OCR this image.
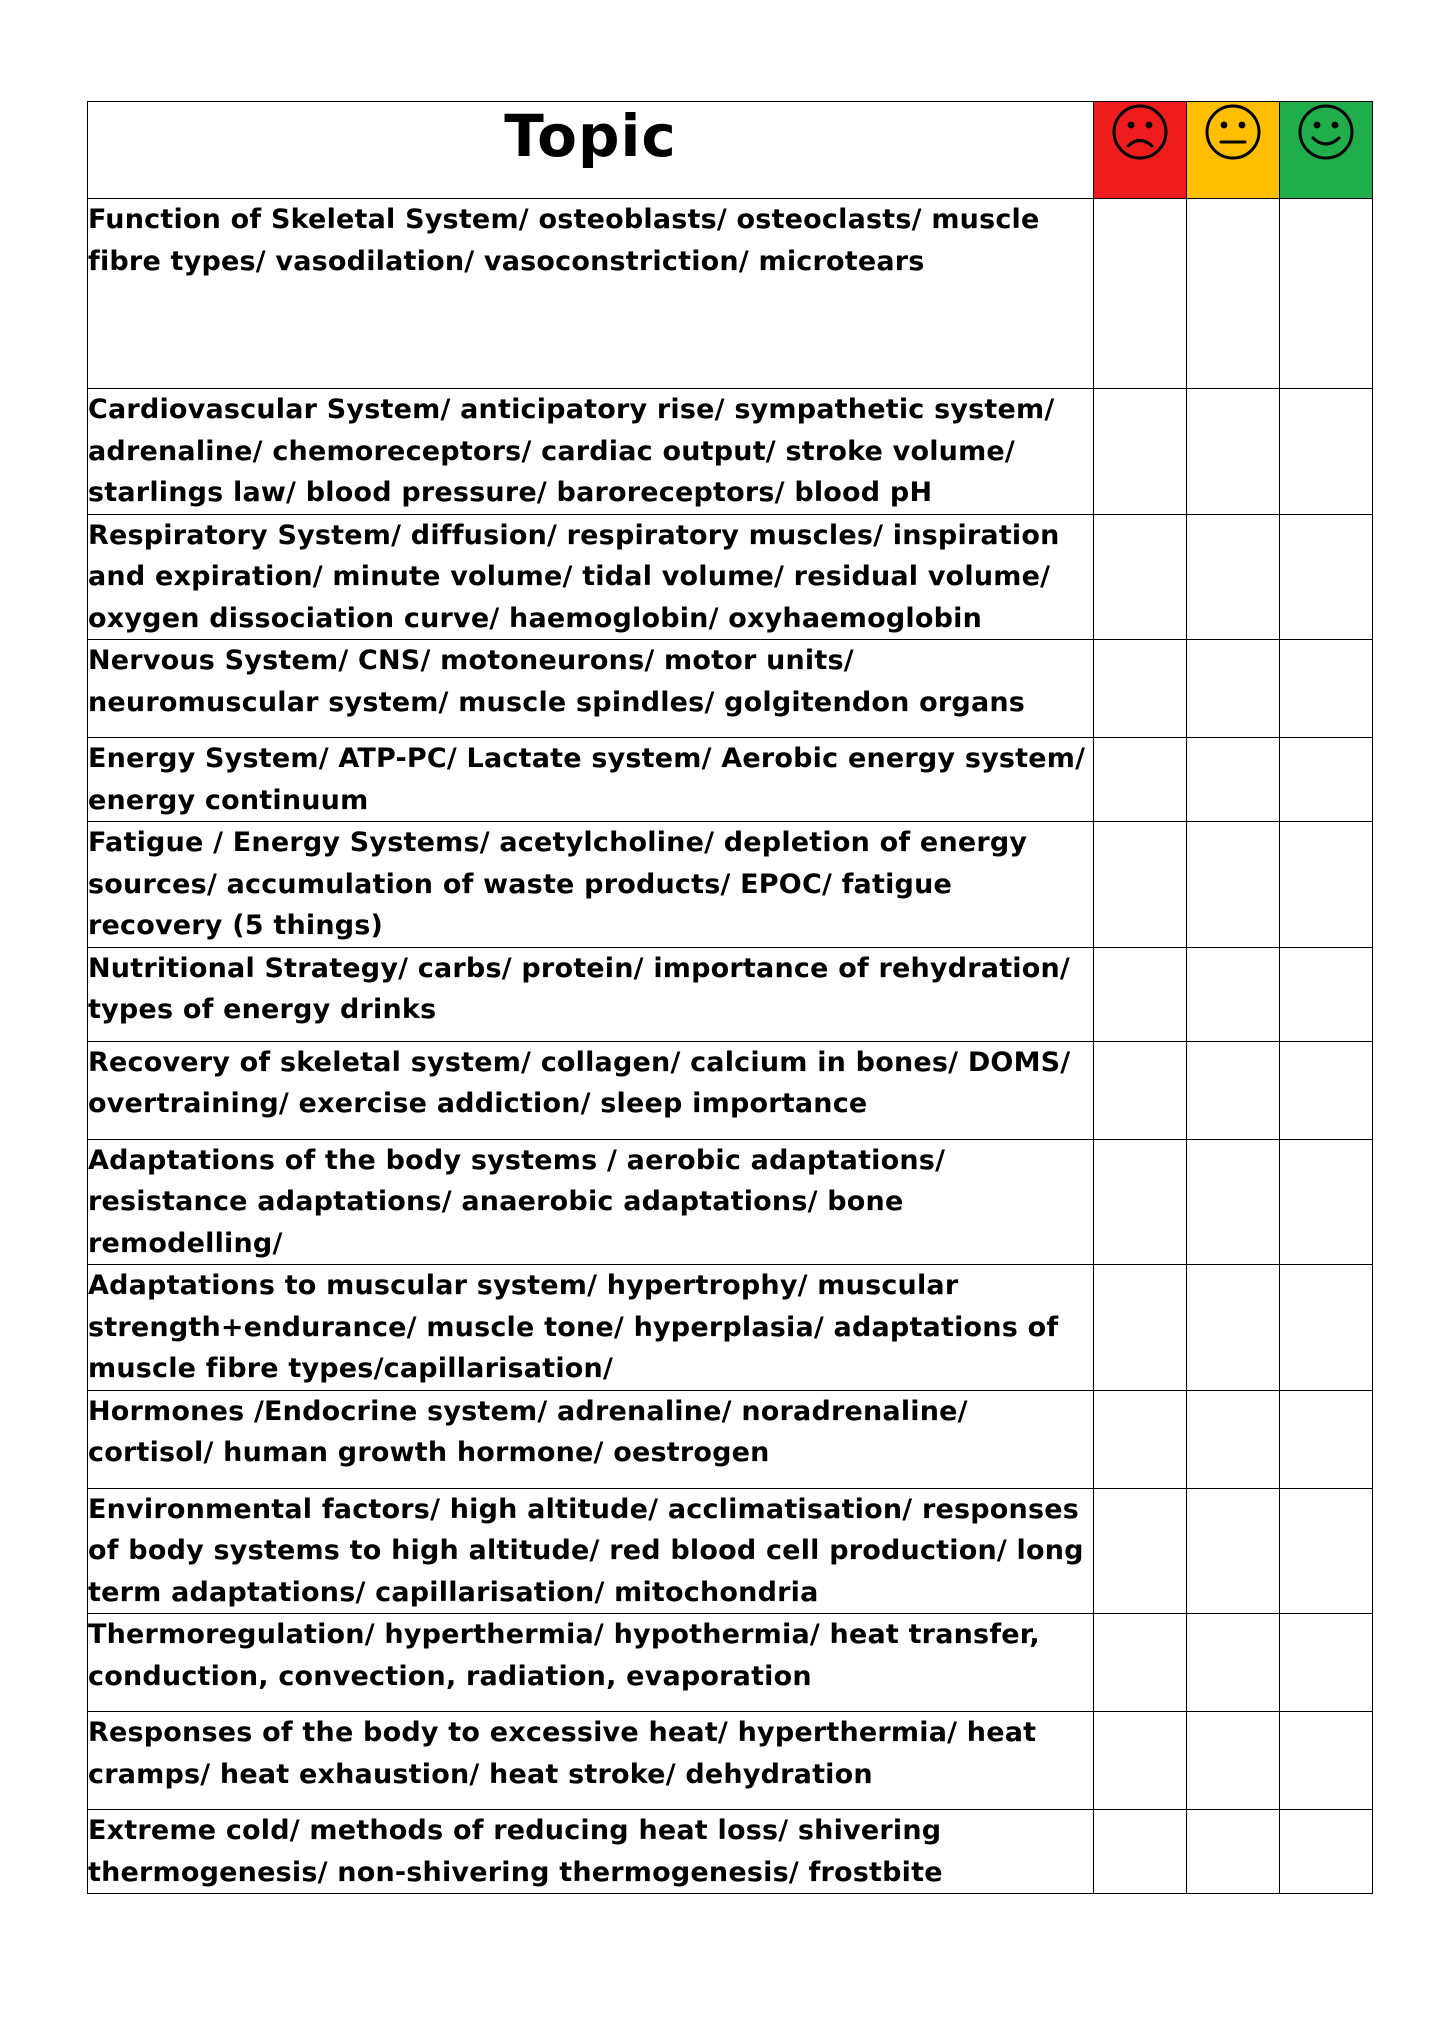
Topic	

Function of Skeletal System/ osteoblasts/ osteoclasts/ muscle fibre types/ vasodilation/ vasoconstriction/ microtears			
Cardiovascular System/ anticipatory rise/ sympathetic system/ adrenaline/ chemoreceptors/ cardiac output/ stroke volume/ starlings law/ blood pressure/ baroreceptors/ blood pH			
Respiratory System/ diffusion/ respiratory muscles/ inspiration and expiration/ minute volume/ tidal volume/ residual volume/ oxygen dissociation curve/ haemoglobin/ oxyhaemoglobin			
Nervous System/ CNS/ motoneurons/ motor units/ neuromuscular system/ muscle spindles/ golgitendon organs			
Energy System/ ATP-PC/ Lactate system/ Aerobic energy system/ energy continuum			
Fatigue / Energy Systems/ acetylcholine/ depletion of energy sources/ accumulation of waste products/ EPOC/ fatigue recovery (5 things)			
Nutritional Strategy/ carbs/ protein/ importance of rehydration/ types of energy drinks			
Recovery of skeletal system/ collagen/ calcium in bones/ DOMS/ overtraining/ exercise addiction/ sleep importance			
Adaptations of the body systems / aerobic adaptations/ resistance adaptations/ anaerobic adaptations/ bone remodelling/			
Adaptations to muscular system/ hypertrophy/ muscular strength+endurance/ muscle tone/ hyperplasia/ adaptations of muscle fibre types/capillarisation/			
Hormones /Endocrine system/ adrenaline/ noradrenaline/ cortisol/ human growth hormone/ oestrogen			
Environmental factors/ high altitude/ acclimatisation/ responses of body systems to high altitude/ red blood cell production/ long term adaptations/ capillarisation/ mitochondria			
Thermoregulation/ hyperthermia/ hypothermia/ heat transfer, conduction, convection, radiation, evaporation			
Responses of the body to excessive heat/ hyperthermia/ heat cramps/ heat exhaustion/ heat stroke/ dehydration			
Extreme cold/ methods of reducing heat loss/ shivering thermogenesis/ non-shivering thermogenesis/ frostbite			
